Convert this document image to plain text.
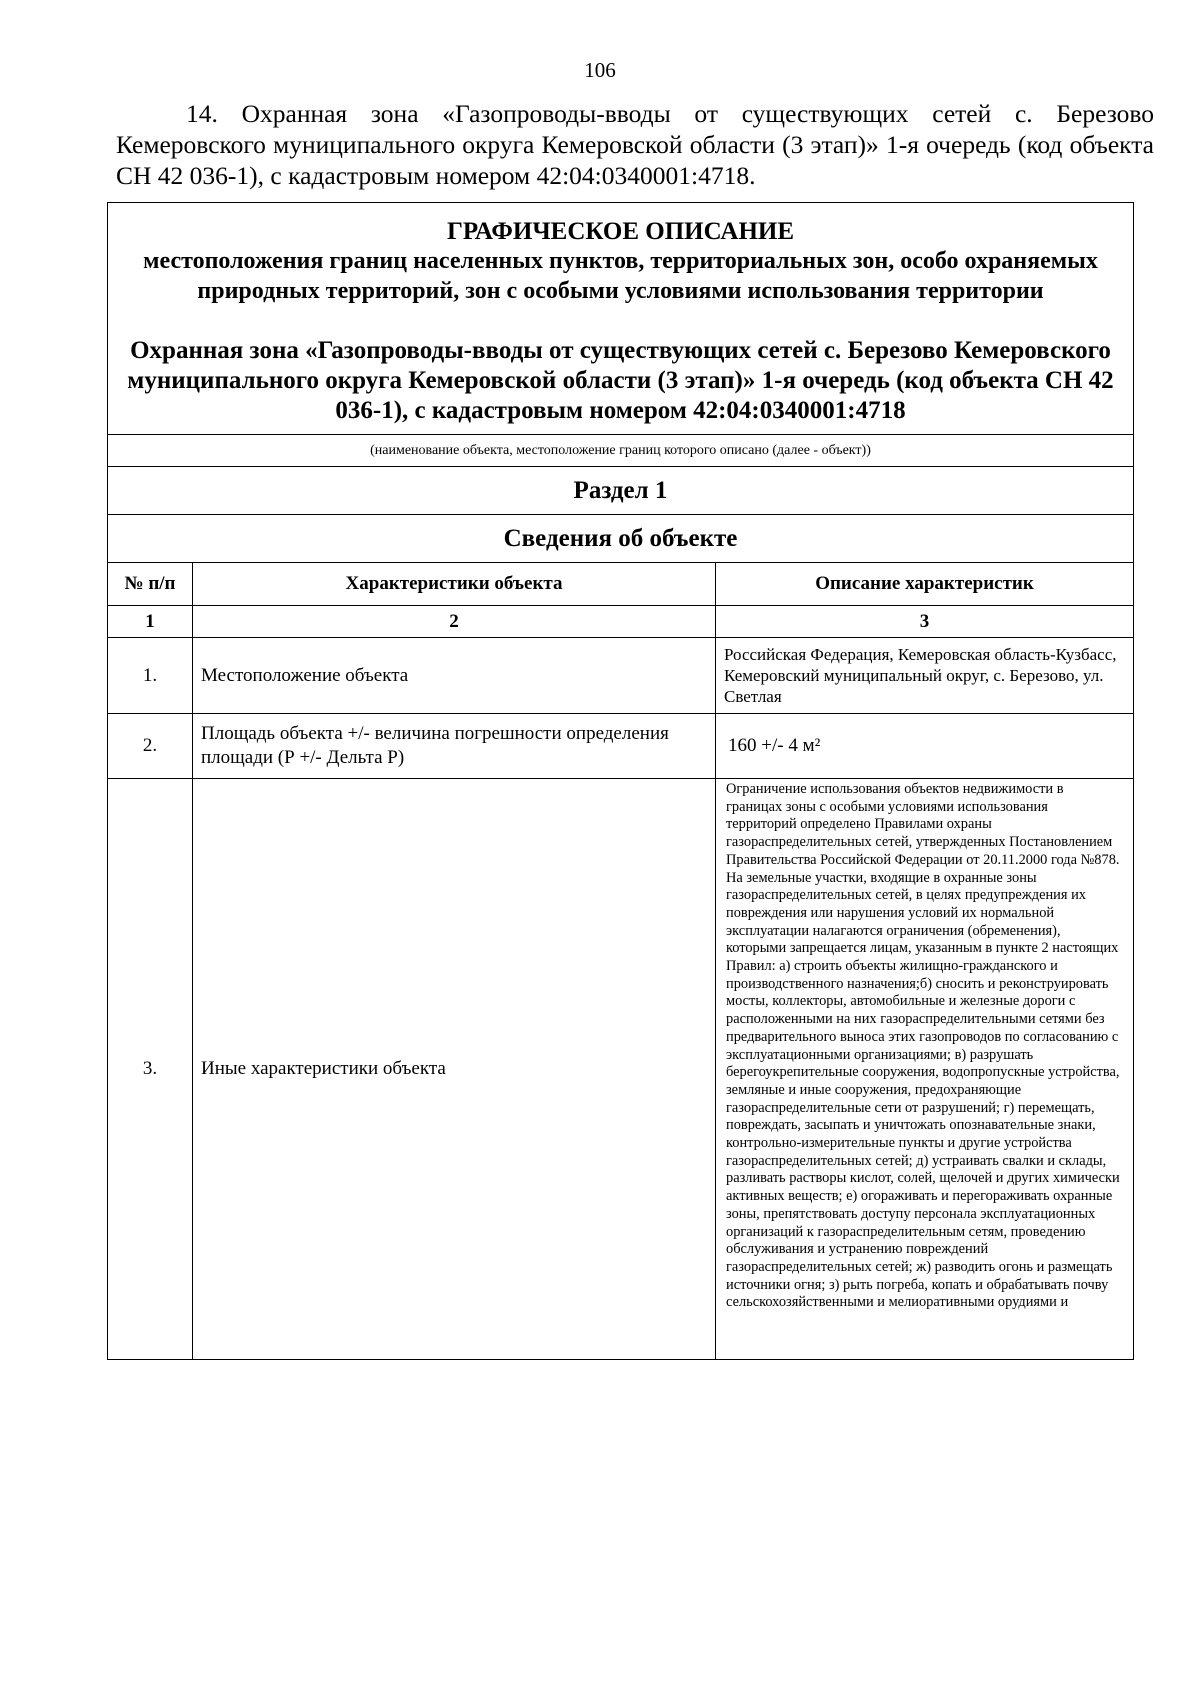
106

14. Охранная зона «Газопроводы-вводы от существующих сетей с. Березово Кемеровского муниципального округа Кемеровской области (3 этап)» 1-я очередь (код объекта СН 42 036-1), с кадастровым номером 42:04:0340001:4718.

ГРАФИЧЕСКОЕ ОПИСАНИЕ
местоположения границ населенных пунктов, территориальных зон, особо охраняемых природных территорий, зон с особыми условиями использования территории
Охранная зона «Газопроводы-вводы от существующих сетей с. Березово Кемеровского муниципального округа Кемеровской области (3 этап)» 1-я очередь (код объекта СН 42 036-1), с кадастровым номером 42:04:0340001:4718		

(наименование объекта, местоположение границ которого описано (далее - объект))		
Раздел 1		
Сведения об объекте		
№ п/п	Характеристики объекта	Описание характеристик
1	2	3
1.	Местоположение объекта	Российская Федерация, Кемеровская область-Кузбасс, Кемеровский муниципальный округ, с. Березово, ул. Светлая
2.	Площадь объекта +/- величина погрешности определения площади (Р +/- Дельта Р)	160 +/- 4 м²
3.	Иные характеристики объекта	Ограничение использования объектов недвижимости в границах зоны с особыми условиями использования территорий определено Правилами охраны газораспределительных сетей, утвержденных Постановлением Правительства Российской Федерации от 20.11.2000 года №878. На земельные участки, входящие в охранные зоны газораспределительных сетей, в целях предупреждения их повреждения или нарушения условий их нормальной эксплуатации налагаются ограничения (обременения), которыми запрещается лицам, указанным в пункте 2 настоящих Правил: а) строить объекты жилищно-гражданского и производственного назначения;б) сносить и реконструировать мосты, коллекторы, автомобильные и железные дороги с расположенными на них газораспределительными сетями без предварительного выноса этих газопроводов по согласованию с эксплуатационными организациями; в) разрушать берегоукрепительные сооружения, водопропускные устройства, земляные и иные сооружения, предохраняющие газораспределительные сети от разрушений; г) перемещать, повреждать, засыпать и уничтожать опознавательные знаки, контрольно-измерительные пункты и другие устройства газораспределительных сетей; д) устраивать свалки и склады, разливать растворы кислот, солей, щелочей и других химически активных веществ; е) огораживать и перегораживать охранные зоны, препятствовать доступу персонала эксплуатационных организаций к газораспределительным сетям, проведению обслуживания и устранению повреждений газораспределительных сетей; ж) разводить огонь и размещать источники огня; з) рыть погреба, копать и обрабатывать почву сельскохозяйственными и мелиоративными орудиями и
